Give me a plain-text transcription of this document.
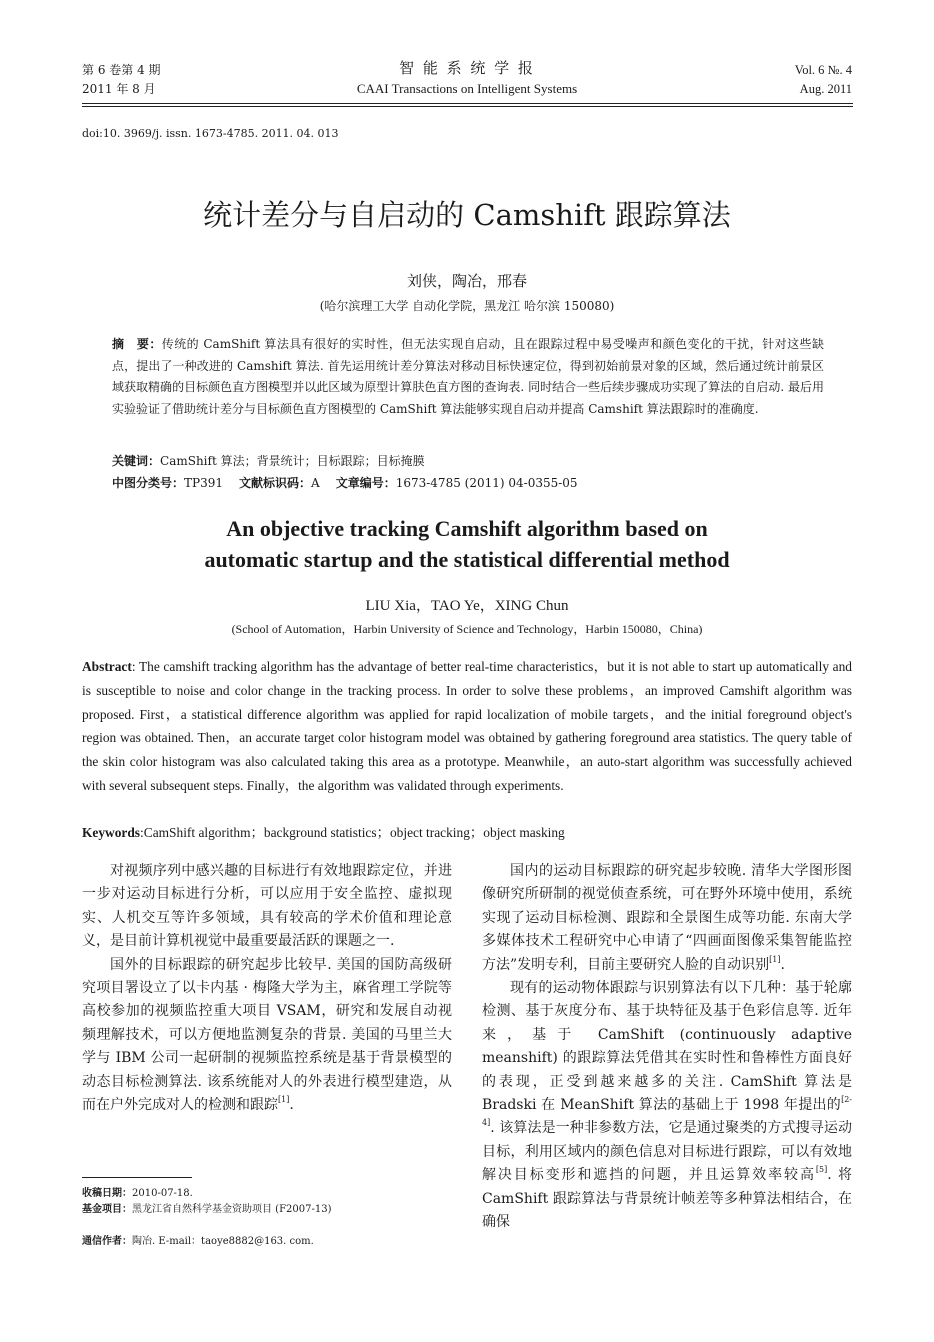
第 6 卷第 4 期
2011 年 8 月
智 能 系 统 学 报
CAAI Transactions on Intelligent Systems
Vol. 6 №. 4
Aug. 2011
doi:10. 3969/j. issn. 1673-4785. 2011. 04. 013
统计差分与自启动的 Camshift 跟踪算法
刘侠，陶冶，邢春
(哈尔滨理工大学 自动化学院，黑龙江 哈尔滨 150080)
摘　要：传统的 CamShift 算法具有很好的实时性，但无法实现自启动，且在跟踪过程中易受噪声和颜色变化的干扰，针对这些缺点，提出了一种改进的 Camshift 算法. 首先运用统计差分算法对移动目标快速定位，得到初始前景对象的区域，然后通过统计前景区域获取精确的目标颜色直方图模型并以此区域为原型计算肤色直方图的查询表. 同时结合一些后续步骤成功实现了算法的自启动. 最后用实验验证了借助统计差分与目标颜色直方图模型的 CamShift 算法能够实现自启动并提高 Camshift 算法跟踪时的准确度.
关键词：CamShift 算法；背景统计；目标跟踪；目标掩膜
中图分类号：TP391 文献标识码：A 文章编号：1673-4785 (2011) 04-0355-05
An objective tracking Camshift algorithm based on
automatic startup and the statistical differential method
LIU Xia，TAO Ye，XING Chun
(School of Automation，Harbin University of Science and Technology，Harbin 150080，China)
Abstract: The camshift tracking algorithm has the advantage of better real-time characteristics，but it is not able to start up automatically and is susceptible to noise and color change in the tracking process. In order to solve these problems，an improved Camshift algorithm was proposed. First，a statistical difference algorithm was applied for rapid localization of mobile targets，and the initial foreground object's region was obtained. Then，an accurate target color histogram model was obtained by gathering foreground area statistics. The query table of the skin color histogram was also calculated taking this area as a prototype. Meanwhile，an auto-start algorithm was successfully achieved with several subsequent steps. Finally，the algorithm was validated through experiments.
Keywords:CamShift algorithm；background statistics；object tracking；object masking

对视频序列中感兴趣的目标进行有效地跟踪定位，并进一步对运动目标进行分析，可以应用于安全监控、虚拟现实、人机交互等许多领域，具有较高的学术价值和理论意义，是目前计算机视觉中最重要最活跃的课题之一.

国外的目标跟踪的研究起步比较早. 美国的国防高级研究项目署设立了以卡内基 · 梅隆大学为主，麻省理工学院等高校参加的视频监控重大项目 VSAM，研究和发展自动视频理解技术，可以方便地监测复杂的背景. 美国的马里兰大学与 IBM 公司一起研制的视频监控系统是基于背景模型的动态目标检测算法. 该系统能对人的外表进行模型建造，从而在户外完成对人的检测和跟踪[1].

国内的运动目标跟踪的研究起步较晚. 清华大学图形图像研究所研制的视觉侦查系统，可在野外环境中使用，系统实现了运动目标检测、跟踪和全景图生成等功能. 东南大学多媒体技术工程研究中心申请了“四画面图像采集智能监控方法”发明专利，目前主要研究人脸的自动识别[1].

现有的运动物体跟踪与识别算法有以下几种：基于轮廓检测、基于灰度分布、基于块特征及基于色彩信息等. 近年来，基于 CamShift (continuously adaptive meanshift) 的跟踪算法凭借其在实时性和鲁棒性方面良好的表现，正受到越来越多的关注. CamShift 算法是 Bradski 在 MeanShift 算法的基础上于 1998 年提出的[2-4]. 该算法是一种非参数方法，它是通过聚类的方式搜寻运动目标，利用区域内的颜色信息对目标进行跟踪，可以有效地解决目标变形和遮挡的问题，并且运算效率较高[5]. 将 CamShift 跟踪算法与背景统计帧差等多种算法相结合，在确保

收稿日期：2010-07-18.
基金项目：黑龙江省自然科学基金资助项目 (F2007-13)
通信作者：陶冶. E-mail：taoye8882@163. com.
